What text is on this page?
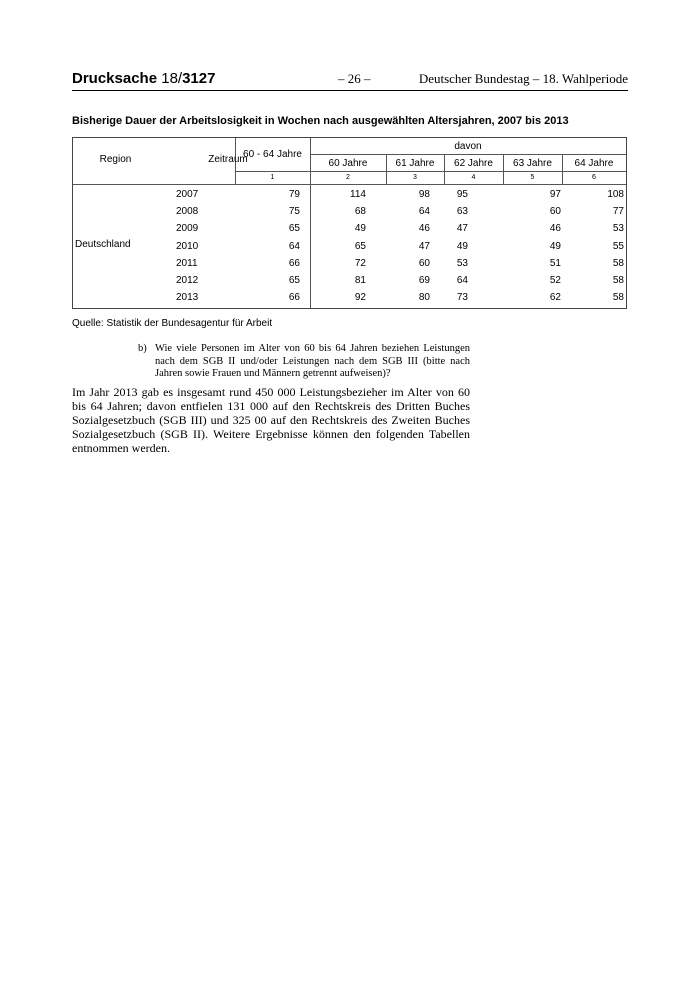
Drucksache 18/3127	– 26 –	Deutscher Bundestag – 18. Wahlperiode
Bisherige Dauer der Arbeitslosigkeit in Wochen nach ausgewählten Altersjahren, 2007 bis 2013
Region	Zeitraum
60 - 64 Jahre
davon
60 Jahre	61 Jahre	62 Jahre	63 Jahre	64 Jahre
1	2	3	4	5	6
Deutschland
2007	79	114	98	95	97	108
2008	75	68	64	63	60	77
2009	65	49	46	47	46	53
2010	64	65	47	49	49	55
2011	66	72	60	53	51	58
2012	65	81	69	64	52	58
2013	66	92	80	73	62	58
Quelle: Statistik der Bundesagentur für Arbeit
b) Wie viele Personen im Alter von 60 bis 64 Jahren beziehen Leistungen nach dem SGB II und/oder Leistungen nach dem SGB III (bitte nach Jahren sowie Frauen und Männern getrennt aufweisen)?
Im Jahr 2013 gab es insgesamt rund 450 000 Leistungsbezieher im Alter von 60 bis 64 Jahren; davon entfielen 131 000 auf den Rechtskreis des Dritten Buches Sozialgesetzbuch (SGB III) und 325 00 auf den Rechtskreis des Zweiten Buches Sozialgesetzbuch (SGB II). Weitere Ergebnisse können den folgenden Tabellen entnommen werden.
